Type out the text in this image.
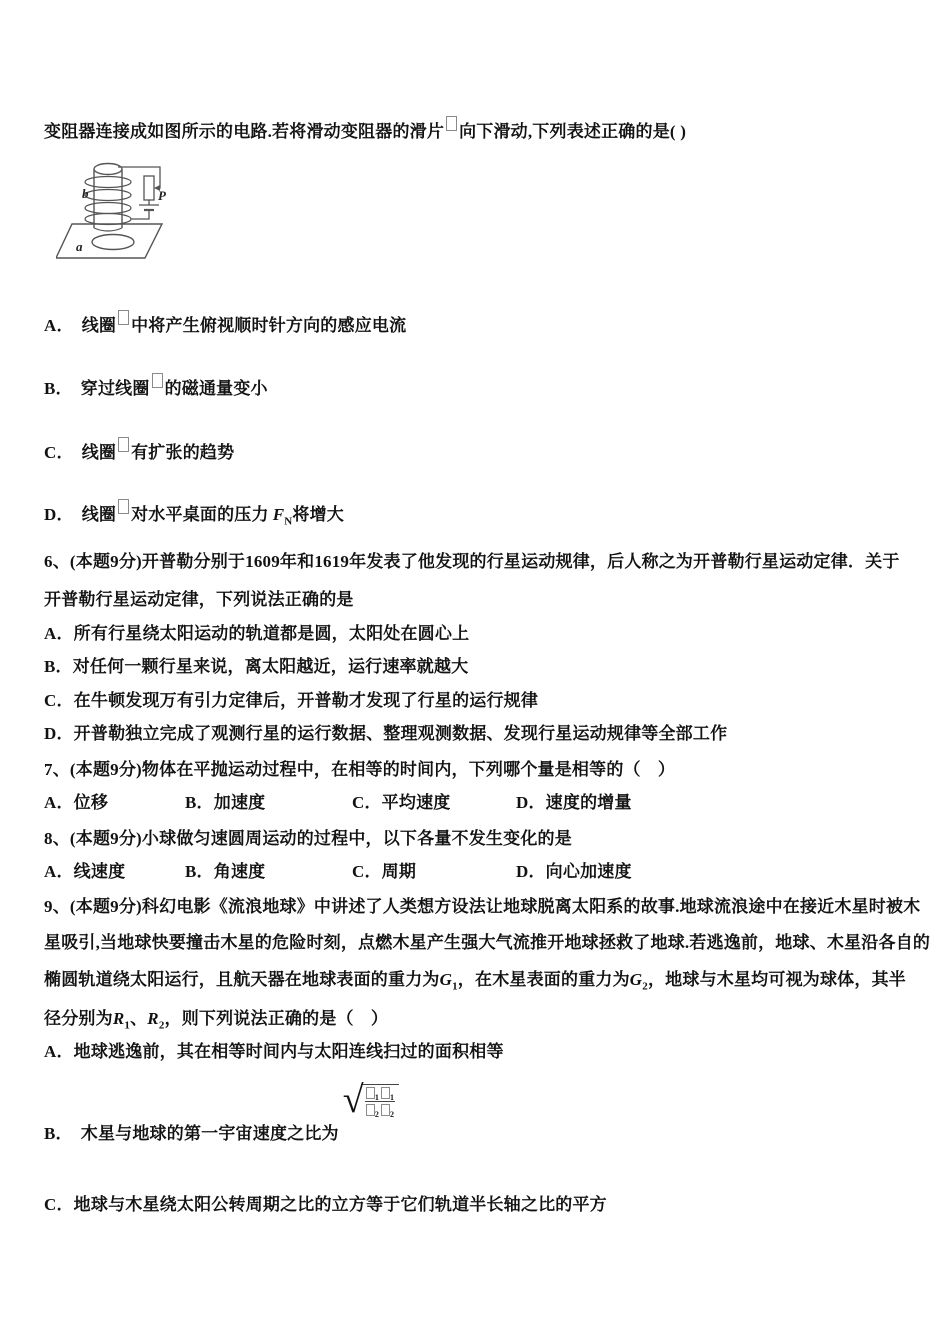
变阻器连接成如图所示的电路.若将滑动变阻器的滑片 向下滑动,下列表述正确的是( )
b	P
a
A． 线圈 中将产生俯视顺时针方向的感应电流
B． 穿过线圈 的磁通量变小
C． 线圈 有扩张的趋势
D． 线圈 对水平桌面的压力 $F_N$将增大
6、(本题9分)开普勒分别于1609年和1619年发表了他发现的行星运动规律，后人称之为开普勒行星运动定律．关于
开普勒行星运动定律，下列说法正确的是
A．所有行星绕太阳运动的轨道都是圆，太阳处在圆心上
B．对任何一颗行星来说，离太阳越近，运行速率就越大
C．在牛顿发现万有引力定律后，开普勒才发现了行星的运行规律
D．开普勒独立完成了观测行星的运行数据、整理观测数据、发现行星运动规律等全部工作
7、(本题9分)物体在平抛运动过程中，在相等的时间内，下列哪个量是相等的（　）
A．位移	B．加速度	C．平均速度	D．速度的增量
8、(本题9分)小球做匀速圆周运动的过程中，以下各量不发生变化的是
A．线速度	B．角速度	C．周期	D．向心加速度
9、(本题9分)科幻电影《流浪地球》中讲述了人类想方设法让地球脱离太阳系的故事.地球流浪途中在接近木星时被木
星吸引,当地球快要撞击木星的危险时刻，点燃木星产生强大气流推开地球拯救了地球.若逃逸前，地球、木星沿各自的
椭圆轨道绕太阳运行，且航天器在地球表面的重力为$G_1$，在木星表面的重力为$G_2$，地球与木星均可视为球体，其半
径分别为$R_1$、$R_2$，则下列说法正确的是（　）
A．地球逃逸前，其在相等时间内与太阳连线扫过的面积相等
B． 木星与地球的第一宇宙速度之比为
√ 1 1
2 2
C．地球与木星绕太阳公转周期之比的立方等于它们轨道半长轴之比的平方
